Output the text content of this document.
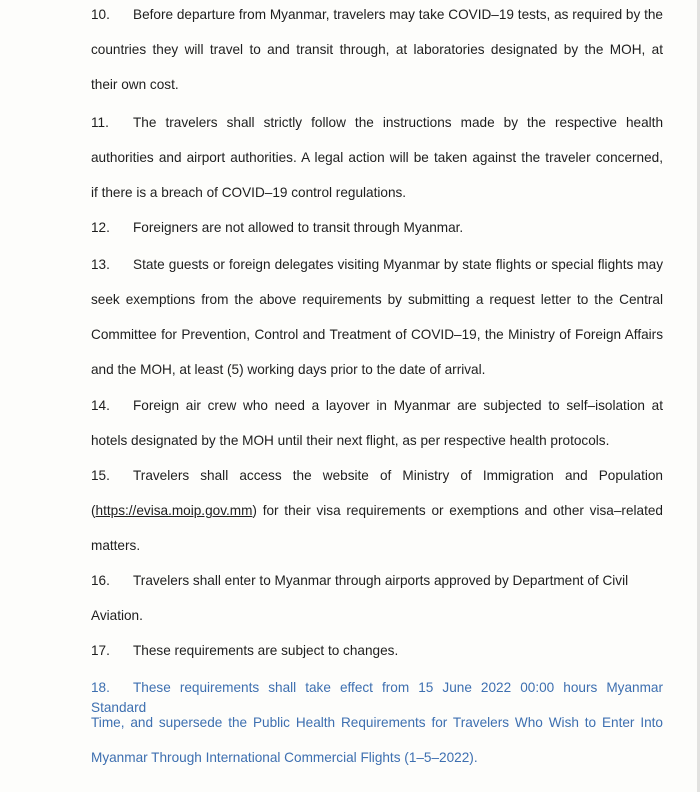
10. Before departure from Myanmar, travelers may take COVID–19 tests, as required by the
countries they will travel to and transit through, at laboratories designated by the MOH, at
their own cost.
11. The travelers shall strictly follow the instructions made by the respective health
authorities and airport authorities. A legal action will be taken against the traveler concerned,
if there is a breach of COVID–19 control regulations.
12. Foreigners are not allowed to transit through Myanmar.
13. State guests or foreign delegates visiting Myanmar by state flights or special flights may
seek exemptions from the above requirements by submitting a request letter to the Central
Committee for Prevention, Control and Treatment of COVID–19, the Ministry of Foreign Affairs
and the MOH, at least (5) working days prior to the date of arrival.
14. Foreign air crew who need a layover in Myanmar are subjected to self–isolation at
hotels designated by the MOH until their next flight, as per respective health protocols.
15. Travelers shall access the website of Ministry of Immigration and Population
(https://evisa.moip.gov.mm) for their visa requirements or exemptions and other visa–related
matters.
16. Travelers shall enter to Myanmar through airports approved by Department of Civil
Aviation.
17. These requirements are subject to changes.
18. These requirements shall take effect from 15 June 2022 00:00 hours Myanmar Standard
Time, and supersede the Public Health Requirements for Travelers Who Wish to Enter Into
Myanmar Through International Commercial Flights (1–5–2022).
